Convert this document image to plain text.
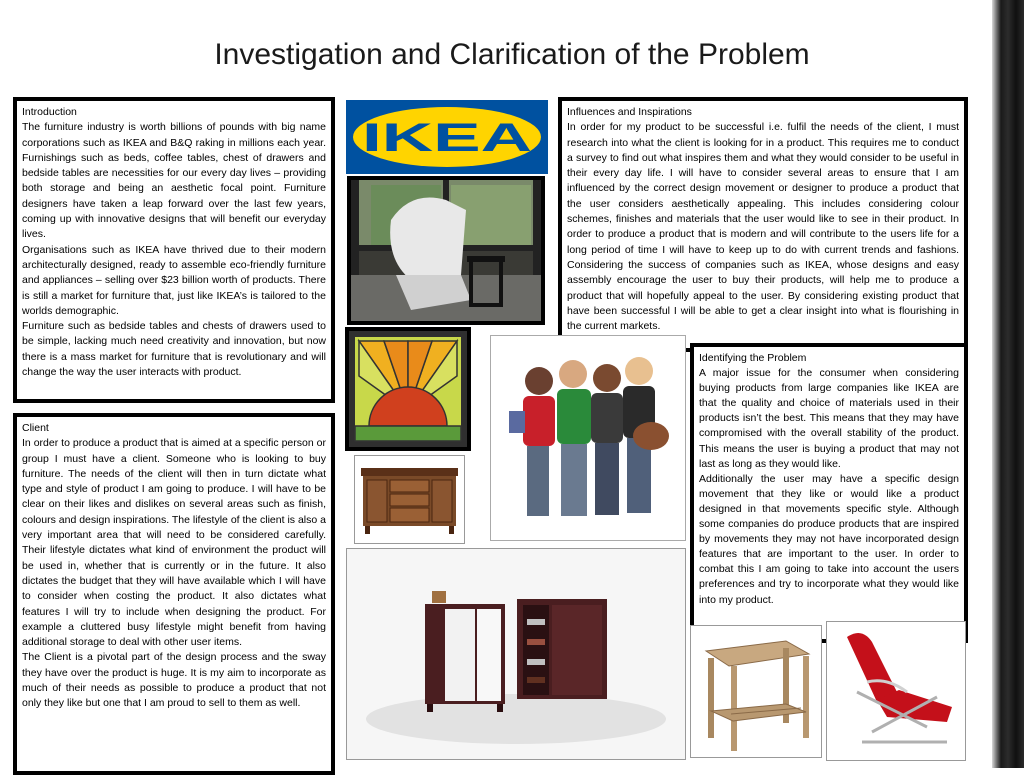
Investigation and Clarification of the Problem

Introduction

The furniture industry is worth billions of pounds with big name corporations such as IKEA and B&Q raking in millions each year. Furnishings such as beds, coffee tables, chest of drawers and bedside tables are necessities for our every day lives – providing both storage and being an aesthetic focal point. Furniture designers have taken a leap forward over the last few years, coming up with innovative designs that will benefit our everyday lives.

Organisations such as IKEA have thrived due to their modern architecturally designed, ready to assemble eco-friendly furniture and appliances – selling over $23 billion worth of products. There is still a market for furniture that, just like IKEA’s is tailored to the worlds demographic.

Furniture such as bedside tables and chests of drawers used to be simple, lacking much need creativity and innovation, but now there is a mass market for furniture that is revolutionary and will change the way the user interacts with product.

Client

In order to produce a product that is aimed at a specific person or group I must have a client. Someone who is looking to buy furniture. The needs of the client will then in turn dictate what type and style of product I am going to produce. I will have to be clear on their likes and dislikes on several areas such as finish, colours and design inspirations. The lifestyle of the client is also a very important area that will need to be considered carefully. Their lifestyle dictates what kind of environment the product will be used in, whether that is currently or in the future. It also dictates the budget that they will have available which I will have to consider when costing the product. It also dictates what features I will try to include when designing the product. For example a cluttered busy lifestyle might benefit from having additional storage to deal with other user items.

The Client is a pivotal part of the design process and the sway they have over the product is huge. It is my aim to incorporate as much of their needs as possible to produce a product that not only they like but one that I am proud to sell to them as well.

Influences and Inspirations

In order for my product to be successful i.e. fulfil the needs of the client, I must research into what the client is looking for in a product. This requires me to conduct a survey to find out what inspires them and what they would consider to be useful in their every day life. I will have to consider several areas to ensure that I am influenced by the correct design movement or designer to produce a product that the user considers aesthetically appealing. This includes considering colour schemes, finishes and materials that the user would like to see in their product. In order to produce a product that is modern and will contribute to the users life for a long period of time I will have to keep up to do with current trends and fashions. Considering the success of companies such as IKEA, whose designs and easy assembly encourage the user to buy their products, will help me to produce a product that will hopefully appeal to the user. By considering existing product that have been successful I will be able to get a clear insight into what is flourishing in the current markets.

Identifying the Problem

A major issue for the consumer when considering buying products from large companies like IKEA are that the quality and choice of materials used in their products isn’t the best. This means that they may have compromised with the overall stability of the product. This means the user is buying a product that may not last as long as they would like.

Additionally the user may have a specific design movement that they like or would like a product designed in that movements specific style. Although some companies do produce products that are inspired by movements they may not have incorporated design features that are important to the user. In order to combat this I am going to take into account the users preferences and try to incorporate what they would like into my product.

IKEA
